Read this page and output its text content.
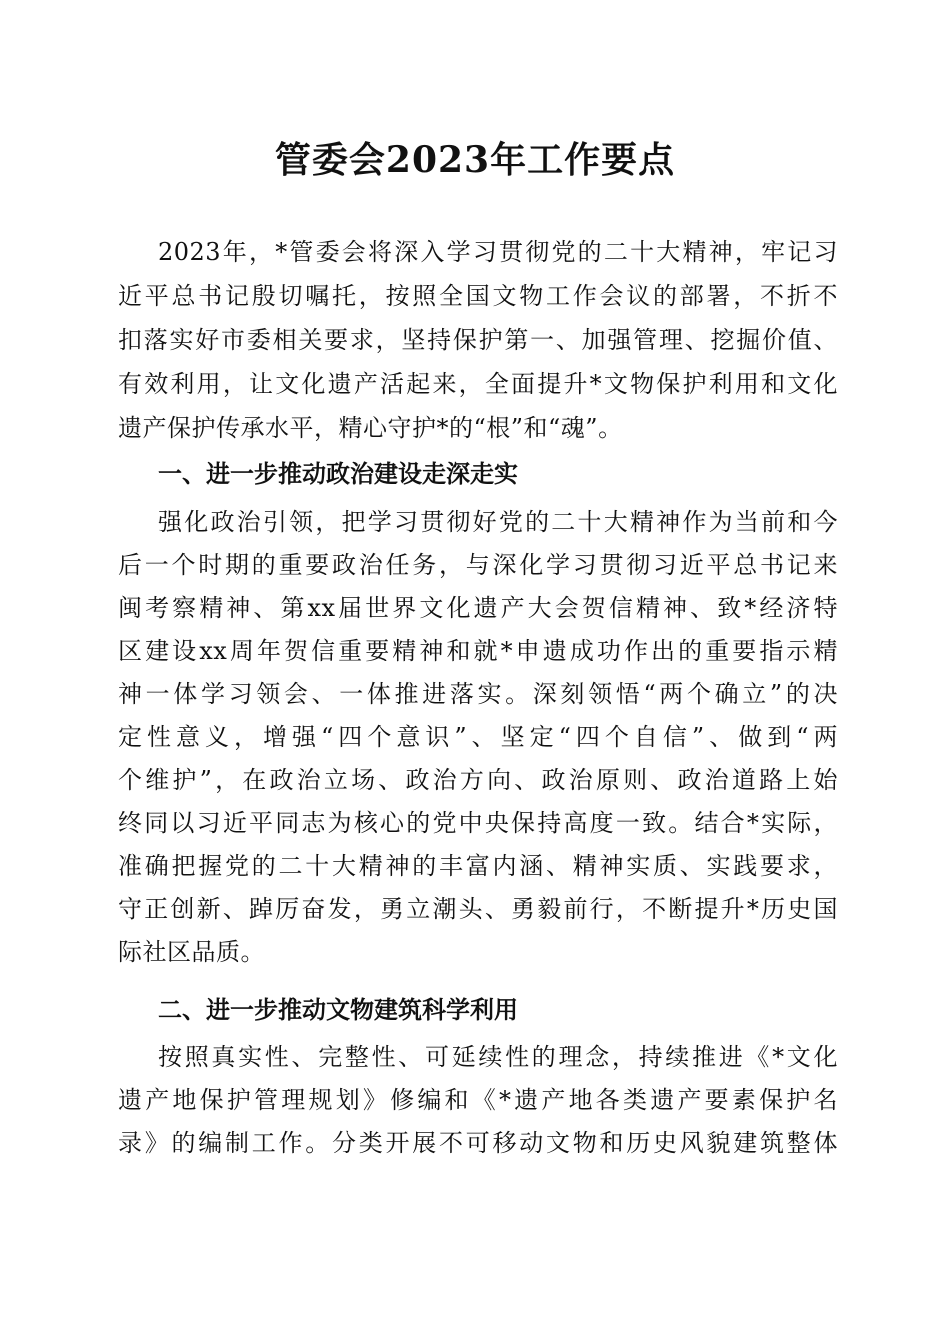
管委会2023年工作要点

2023年，*管委会将深入学习贯彻党的二十大精神，牢记习

近平总书记殷切嘱托，按照全国文物工作会议的部署，不折不

扣落实好市委相关要求，坚持保护第一、加强管理、挖掘价值、

有效利用，让文化遗产活起来，全面提升*文物保护利用和文化

遗产保护传承水平，精心守护*的“根”和“魂”。

一、进一步推动政治建设走深走实

强化政治引领，把学习贯彻好党的二十大精神作为当前和今

后一个时期的重要政治任务，与深化学习贯彻习近平总书记来

闽考察精神、第xx届世界文化遗产大会贺信精神、致*经济特

区建设xx周年贺信重要精神和就*申遗成功作出的重要指示精

神一体学习领会、一体推进落实。深刻领悟“两个确立”的决

定性意义，增强“四个意识”、坚定“四个自信”、做到“两

个维护”，在政治立场、政治方向、政治原则、政治道路上始

终同以习近平同志为核心的党中央保持高度一致。结合*实际，

准确把握党的二十大精神的丰富内涵、精神实质、实践要求，

守正创新、踔厉奋发，勇立潮头、勇毅前行，不断提升*历史国

际社区品质。

二、进一步推动文物建筑科学利用

按照真实性、完整性、可延续性的理念，持续推进《*文化

遗产地保护管理规划》修编和《*遗产地各类遗产要素保护名

录》的编制工作。分类开展不可移动文物和历史风貌建筑整体
